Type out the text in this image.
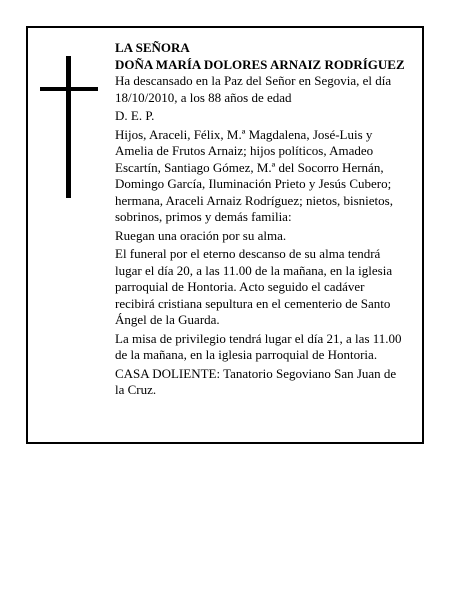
LA SEÑORA
DOÑA MARÍA DOLORES ARNAIZ RODRÍGUEZ
Ha descansado en la Paz del Señor en Segovia, el día
18/10/2010, a los 88 años de edad
D. E. P.
Hijos, Araceli, Félix, M.ª Magdalena, José-Luis y
Amelia de Frutos Arnaiz; hijos políticos, Amadeo
Escartín, Santiago Gómez, M.ª del Socorro Hernán,
Domingo García, Iluminación Prieto y Jesús Cubero;
hermana, Araceli Arnaiz Rodríguez; nietos, bisnietos,
sobrinos, primos y demás familia:
Ruegan una oración por su alma.
El funeral por el eterno descanso de su alma tendrá
lugar el día 20, a las 11.00 de la mañana, en la iglesia
parroquial de Hontoria. Acto seguido el cadáver
recibirá cristiana sepultura en el cementerio de Santo
Ángel de la Guarda.
La misa de privilegio tendrá lugar el día 21, a las 11.00
de la mañana, en la iglesia parroquial de Hontoria.
CASA DOLIENTE: Tanatorio Segoviano San Juan de
la Cruz.
